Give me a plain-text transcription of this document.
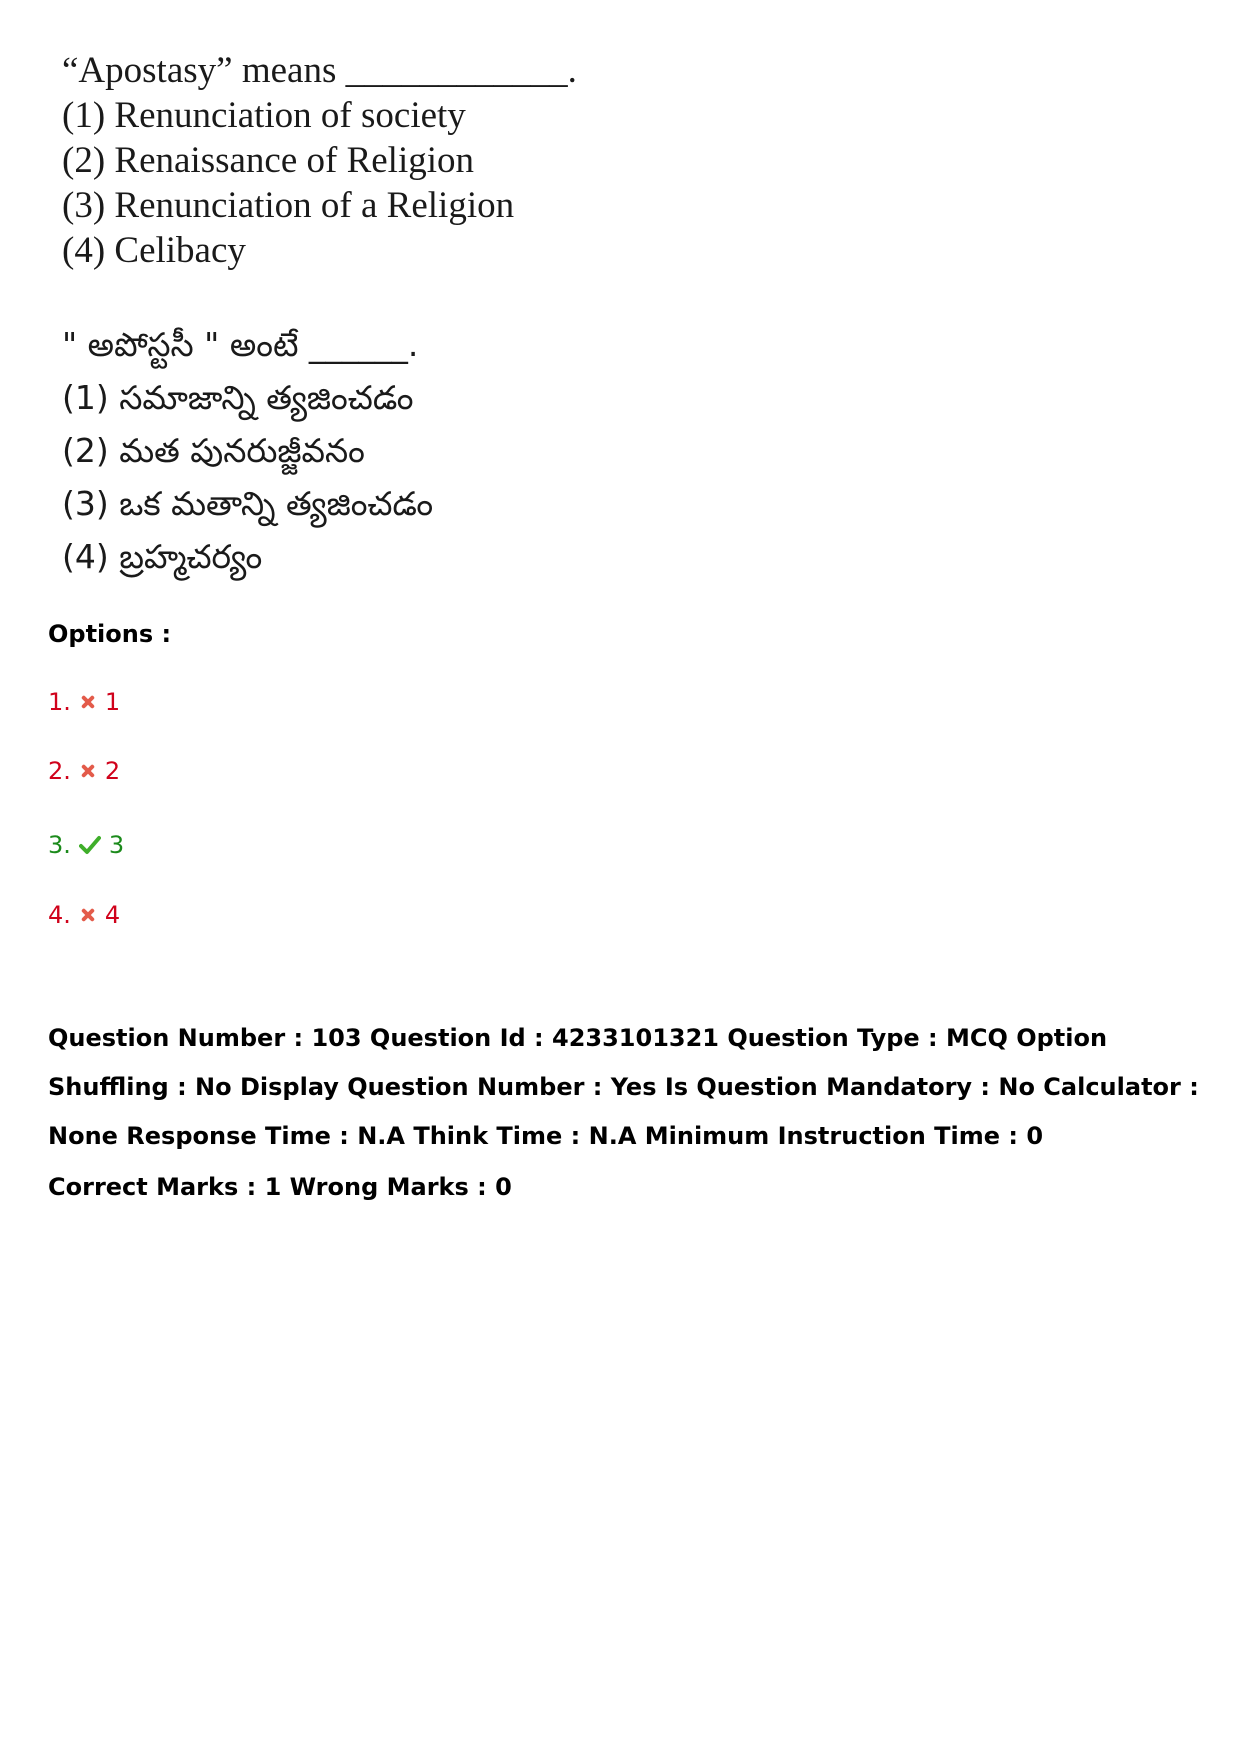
“Apostasy” means ____________.
(1) Renunciation of society
(2) Renaissance of Religion
(3) Renunciation of a Religion
(4) Celibacy
" అపోస్టసీ " అంటే ______.
(1) సమాజాన్ని త్యజించడం
(2) మత పునరుజ్జీవనం
(3) ఒక మతాన్ని త్యజించడం
(4) బ్రహ్మచర్యం
Options :
1. 1
2. 2
3. 3
4. 4
Question Number : 103 Question Id : 4233101321 Question Type : MCQ Option Shuffling : No Display Question Number : Yes Is Question Mandatory : No Calculator : None Response Time : N.A Think Time : N.A Minimum Instruction Time : 0
Correct Marks : 1 Wrong Marks : 0
